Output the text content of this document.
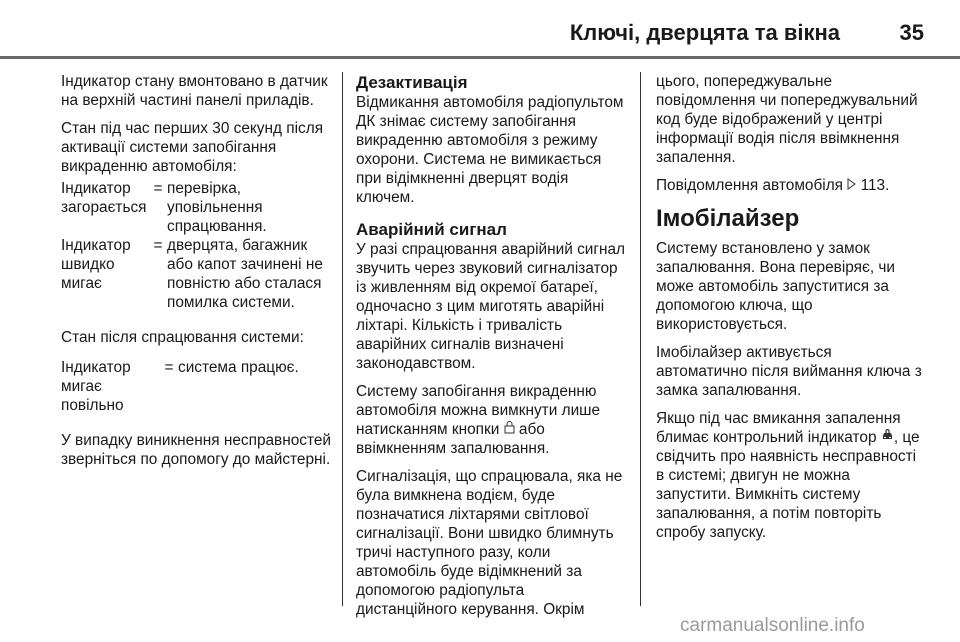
Ключі, дверцята та вікна	35

Індикатор стану вмонтовано в датчик на верхній частині панелі приладів.

Стан під час перших 30 секунд після активації системи запобігання викраденню автомобіля:

Індикатор загорається
= перевірка, уповільнення спрацювання.
Індикатор швидко мигає
= дверцята, багажник або капот зачинені не повністю або сталася помилка системи.

Стан після спрацювання системи:

Індикатор мигає повільно
= система працює.

У випадку виникнення несправностей зверніться по допомогу до майстерні.

Дезактивація

Відмикання автомобіля радіопультом ДК знімає систему запобігання викраденню автомобіля з режиму охорони. Система не вимикається при відімкненні дверцят водія ключем.

Аварійний сигнал

У разі спрацювання аварійний сигнал звучить через звуковий сигналізатор із живленням від окремої батареї, одночасно з цим миготять аварійні ліхтарі. Кількість і тривалість аварійних сигналів визначені законодавством.

Систему запобігання викраденню автомобіля можна вимкнути лише натисканням кнопки або ввімкненням запалювання.

Сигналізація, що спрацювала, яка не була вимкнена водієм, буде позначатися ліхтарями світлової сигналізації. Вони швидко блимнуть тричі наступного разу, коли автомобіль буде відімкнений за допомогою радіопульта дистанційного керування. Окрім

цього, попереджувальне повідомлення чи попереджувальний код буде відображений у центрі інформації водія після ввімкнення запалення.

Повідомлення автомобіля 113.

Імобілайзер

Систему встановлено у замок запалювання. Вона перевіряє, чи може автомобіль запуститися за допомогою ключа, що використовується.

Імобілайзер активується автоматично після виймання ключа з замка запалювання.

Якщо під час вмикання запалення блимає контрольний індикатор , це свідчить про наявність несправності в системі; двигун не можна запустити. Вимкніть систему запалювання, а потім повторіть спробу запуску.

carmanualsonline.info
